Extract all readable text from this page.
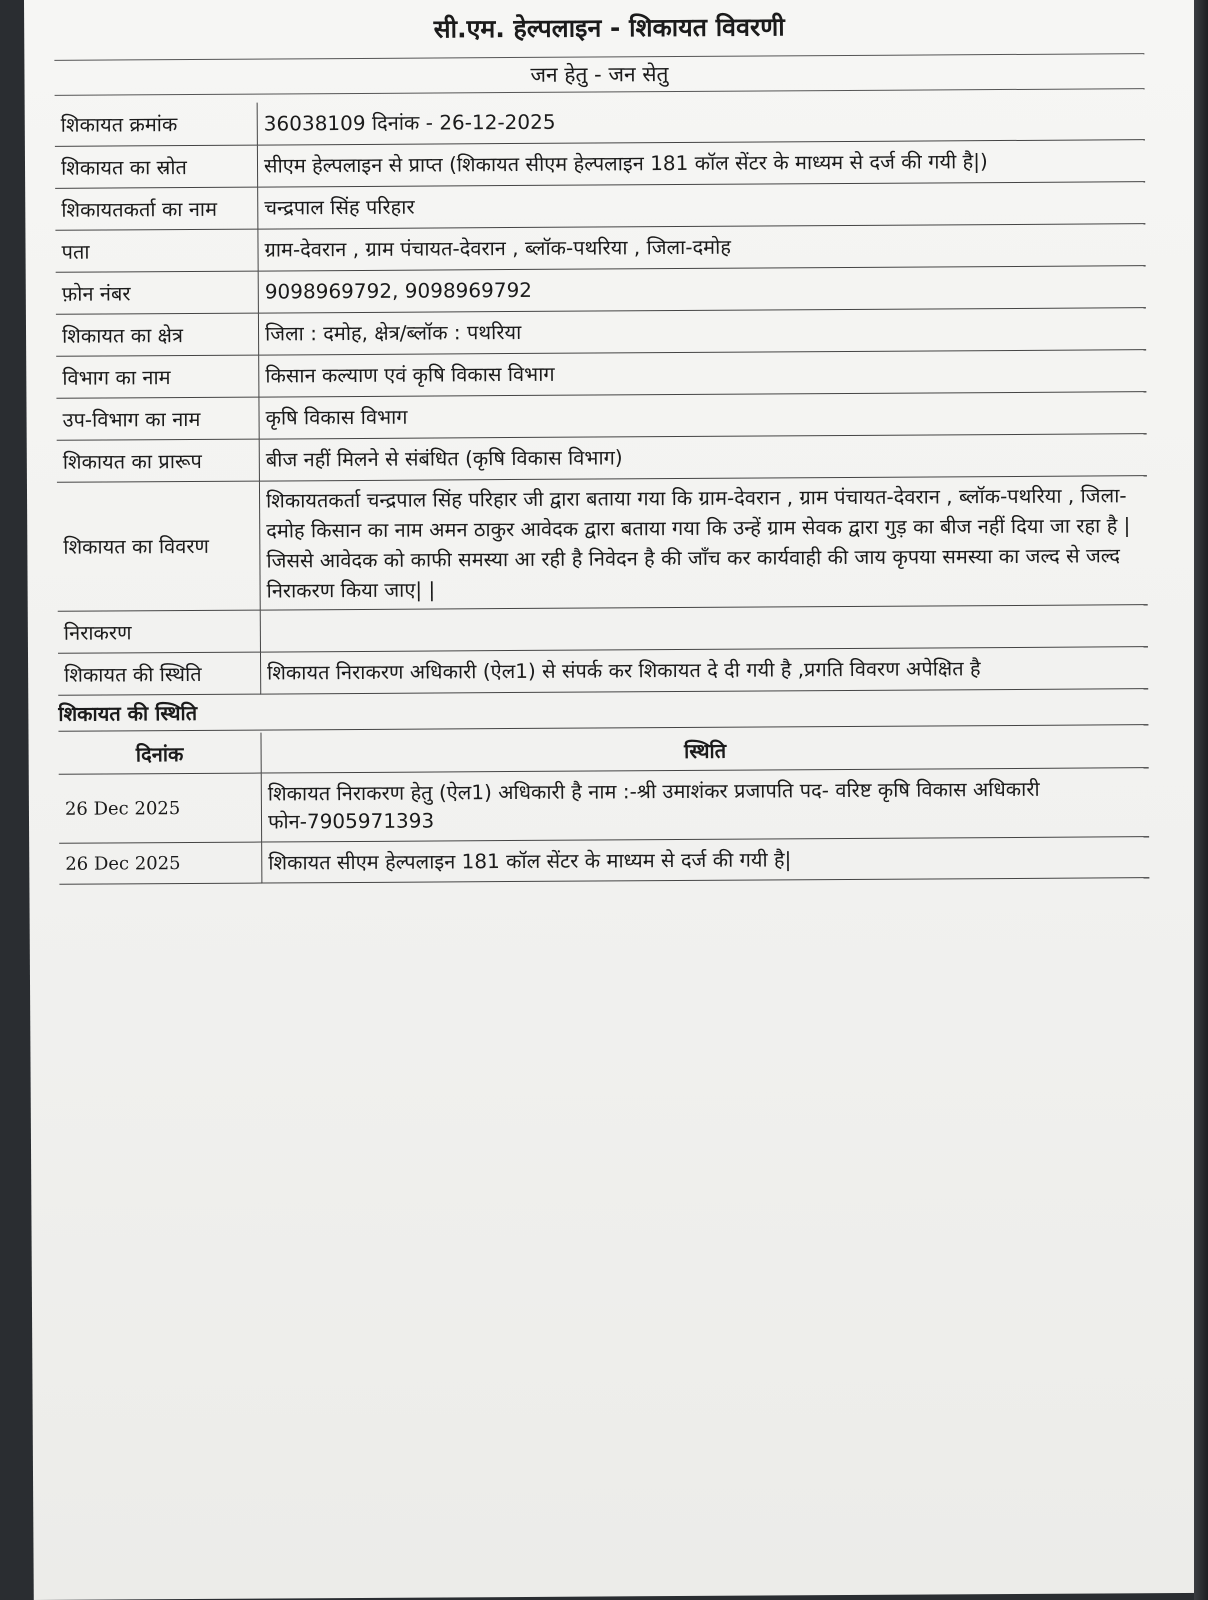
सी.एम. हेल्पलाइन - शिकायत विवरणी
जन हेतु - जन सेतु
शिकायत क्रमांक	36038109 दिनांक - 26-12-2025
शिकायत का स्रोत	सीएम हेल्पलाइन से प्राप्त (शिकायत सीएम हेल्पलाइन 181 कॉल सेंटर के माध्यम से दर्ज की गयी है|)
शिकायतकर्ता का नाम	चन्द्रपाल सिंह परिहार
पता	ग्राम-देवरान , ग्राम पंचायत-देवरान , ब्लॉक-पथरिया , जिला-दमोह
फ़ोन नंबर	9098969792, 9098969792
शिकायत का क्षेत्र	जिला : दमोह, क्षेत्र/ब्लॉक : पथरिया
विभाग का नाम	किसान कल्याण एवं कृषि विकास विभाग
उप-विभाग का नाम	कृषि विकास विभाग
शिकायत का प्रारूप	बीज नहीं मिलने से संबंधित (कृषि विकास विभाग)
शिकायत का विवरण	शिकायतकर्ता चन्द्रपाल सिंह परिहार जी द्वारा बताया गया कि ग्राम-देवरान , ग्राम पंचायत-देवरान , ब्लॉक-पथरिया , जिला-दमोह किसान का नाम अमन ठाकुर आवेदक द्वारा बताया गया कि उन्हें ग्राम सेवक द्वारा गुड़ का बीज नहीं दिया जा रहा है | जिससे आवेदक को काफी समस्या आ रही है निवेदन है की जाँच कर कार्यवाही की जाय कृपया समस्या का जल्द से जल्द निराकरण किया जाए| |
निराकरण	
शिकायत की स्थिति	शिकायत निराकरण अधिकारी (ऐल1) से संपर्क कर शिकायत दे दी गयी है ,प्रगति विवरण अपेक्षित है
शिकायत की स्थिति
दिनांक	स्थिति
26 Dec 2025	शिकायत निराकरण हेतु (ऐल1) अधिकारी है नाम :-श्री उमाशंकर प्रजापति पद- वरिष्ट कृषि विकास अधिकारी फोन-7905971393
26 Dec 2025	शिकायत सीएम हेल्पलाइन 181 कॉल सेंटर के माध्यम से दर्ज की गयी है|
